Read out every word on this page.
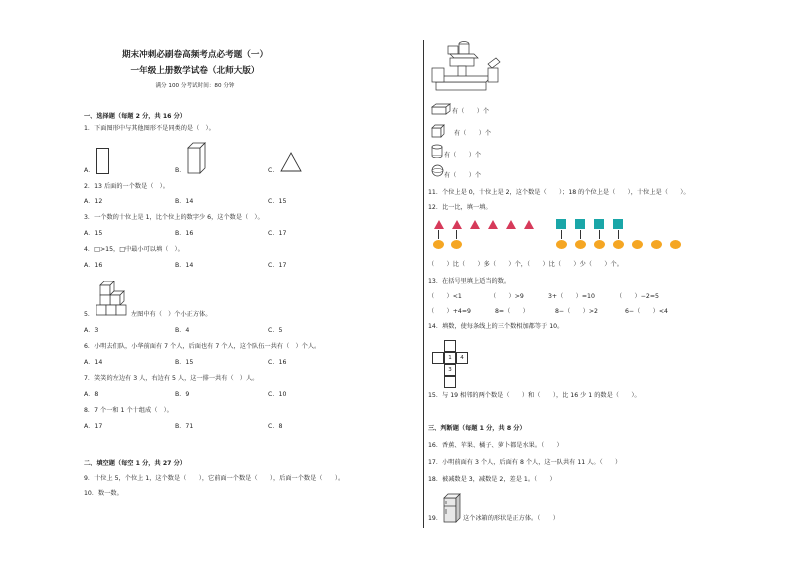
期末冲刺必刷卷高频考点必考题（一）
一年级上册数学试卷（北师大版）
满分 100 分考试时间：80 分钟
一、选择题（每题 2 分，共 16 分）
1．下面图形中与其他图形不是同类的是（　）。
A．	B．	C．
2．13 后面的一个数是（　）。
A．12	B．14	C．15
3．一个数的十位上是 1，比个位上的数字少 6，这个数是（　）。
A．15	B．16	C．17
4．□>15，□中最小可以填（　）。
A．16	B．14	C．17
5．	左图中有（　）个小正方体。
A．3	B．4	C．5
6．小明去们队，小华前面有 7 个人，后面也有 7 个人，这个队伍一共有（　）个人。
A．14	B．15	C．16
7．笑笑的左边有 3 人，右边有 5 人，这一排一共有（　）人。
A．8	B．9	C．10
8．7 个一和 1 个十组成（　）。
A．17	B．71	C．8
二、填空题（每空 1 分，共 27 分）
9．十位上 5，个位上 1，这个数是（　　），它前面一个数是（　　），后面一个数是（　　）。
10．数一数。
有（　　）个
有（　　）个
有（　　）个
有（　　）个
11．个位上是 0，十位上是 2，这个数是（　　）；18 的个位上是（　　），十位上是（　　）。
12．比一比，填一填。
（　　）比（　　）多（　　）个，（　　）比（　　）少（　　）个。
13．在括号里填上适当的数。
（　　）<1	（　　）>9	3+（　　）=10	（　　）−2=5
（　　）+4=9	8=（　　）	8−（　　）>2	6−（　　）<4
14．填数，使每条线上的三个数相加都等于 10。
1	4
3
15．与 19 相邻的两个数是（　　）和（　　），比 16 少 1 的数是（　　）。
三、判断题（每题 1 分，共 8 分）
16．香蕉、苹果、橘子、萝卜都是水果。（　　）
17．小明前面有 3 个人，后面有 8 个人，这一队共有 11 人。（　　）
18．被减数是 3，减数是 2，差是 1。（　　）
19．	这个冰箱的形状是正方体。（　　）
